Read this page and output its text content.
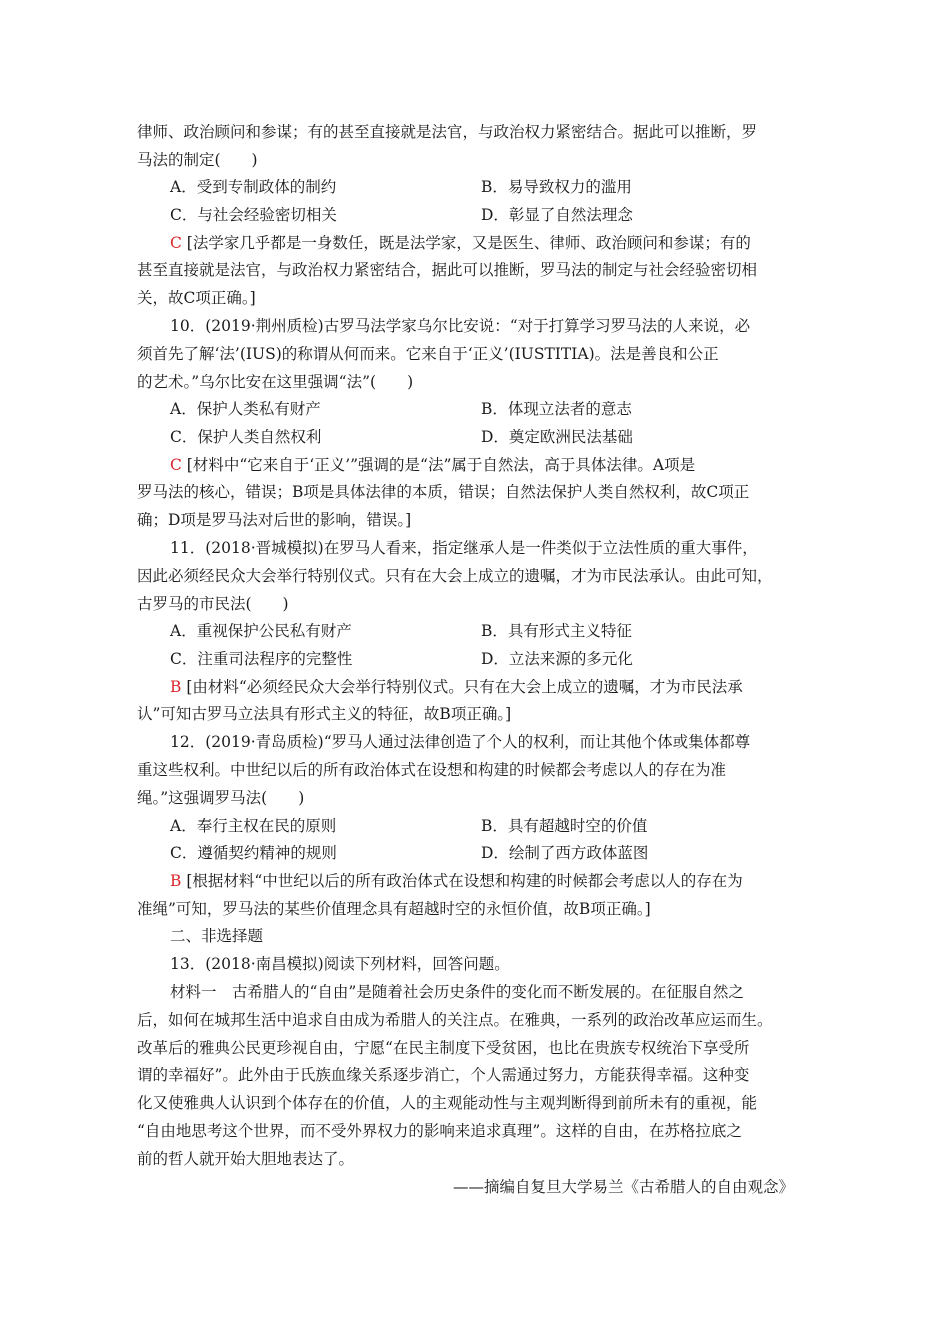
律师、政治顾问和参谋；有的甚至直接就是法官，与政治权力紧密结合。据此可以推断，罗
马法的制定(　　)
A．受到专制政体的制约	B．易导致权力的滥用
C．与社会经验密切相关	D．彰显了自然法理念
C [法学家几乎都是一身数任，既是法学家，又是医生、律师、政治顾问和参谋；有的
甚至直接就是法官，与政治权力紧密结合，据此可以推断，罗马法的制定与社会经验密切相
关，故C项正确。]
10．(2019·荆州质检)古罗马法学家乌尔比安说：“对于打算学习罗马法的人来说，必
须首先了解‘法’(IUS)的称谓从何而来。它来自于‘正义’(IUSTITIA)。法是善良和公正
的艺术。”乌尔比安在这里强调“法”(　　)
A．保护人类私有财产	B．体现立法者的意志
C．保护人类自然权利	D．奠定欧洲民法基础
C [材料中“它来自于‘正义’”强调的是“法”属于自然法，高于具体法律。A项是
罗马法的核心，错误；B项是具体法律的本质，错误；自然法保护人类自然权利，故C项正
确；D项是罗马法对后世的影响，错误。]
11．(2018·晋城模拟)在罗马人看来，指定继承人是一件类似于立法性质的重大事件，
因此必须经民众大会举行特别仪式。只有在大会上成立的遗嘱，才为市民法承认。由此可知，
古罗马的市民法(　　)
A．重视保护公民私有财产	B．具有形式主义特征
C．注重司法程序的完整性	D．立法来源的多元化
B [由材料“必须经民众大会举行特别仪式。只有在大会上成立的遗嘱，才为市民法承
认”可知古罗马立法具有形式主义的特征，故B项正确。]
12．(2019·青岛质检)“罗马人通过法律创造了个人的权利，而让其他个体或集体都尊
重这些权利。中世纪以后的所有政治体式在设想和构建的时候都会考虑以人的存在为准
绳。”这强调罗马法(　　)
A．奉行主权在民的原则	B．具有超越时空的价值
C．遵循契约精神的规则	D．绘制了西方政体蓝图
B [根据材料“中世纪以后的所有政治体式在设想和构建的时候都会考虑以人的存在为
准绳”可知，罗马法的某些价值理念具有超越时空的永恒价值，故B项正确。]
二、非选择题
13．(2018·南昌模拟)阅读下列材料，回答问题。
材料一　古希腊人的“自由”是随着社会历史条件的变化而不断发展的。在征服自然之
后，如何在城邦生活中追求自由成为希腊人的关注点。在雅典，一系列的政治改革应运而生。
改革后的雅典公民更珍视自由，宁愿“在民主制度下受贫困，也比在贵族专权统治下享受所
谓的幸福好”。此外由于氏族血缘关系逐步消亡，个人需通过努力，方能获得幸福。这种变
化又使雅典人认识到个体存在的价值，人的主观能动性与主观判断得到前所未有的重视，能
“自由地思考这个世界，而不受外界权力的影响来追求真理”。这样的自由，在苏格拉底之
前的哲人就开始大胆地表达了。
——摘编自复旦大学易兰《古希腊人的自由观念》
